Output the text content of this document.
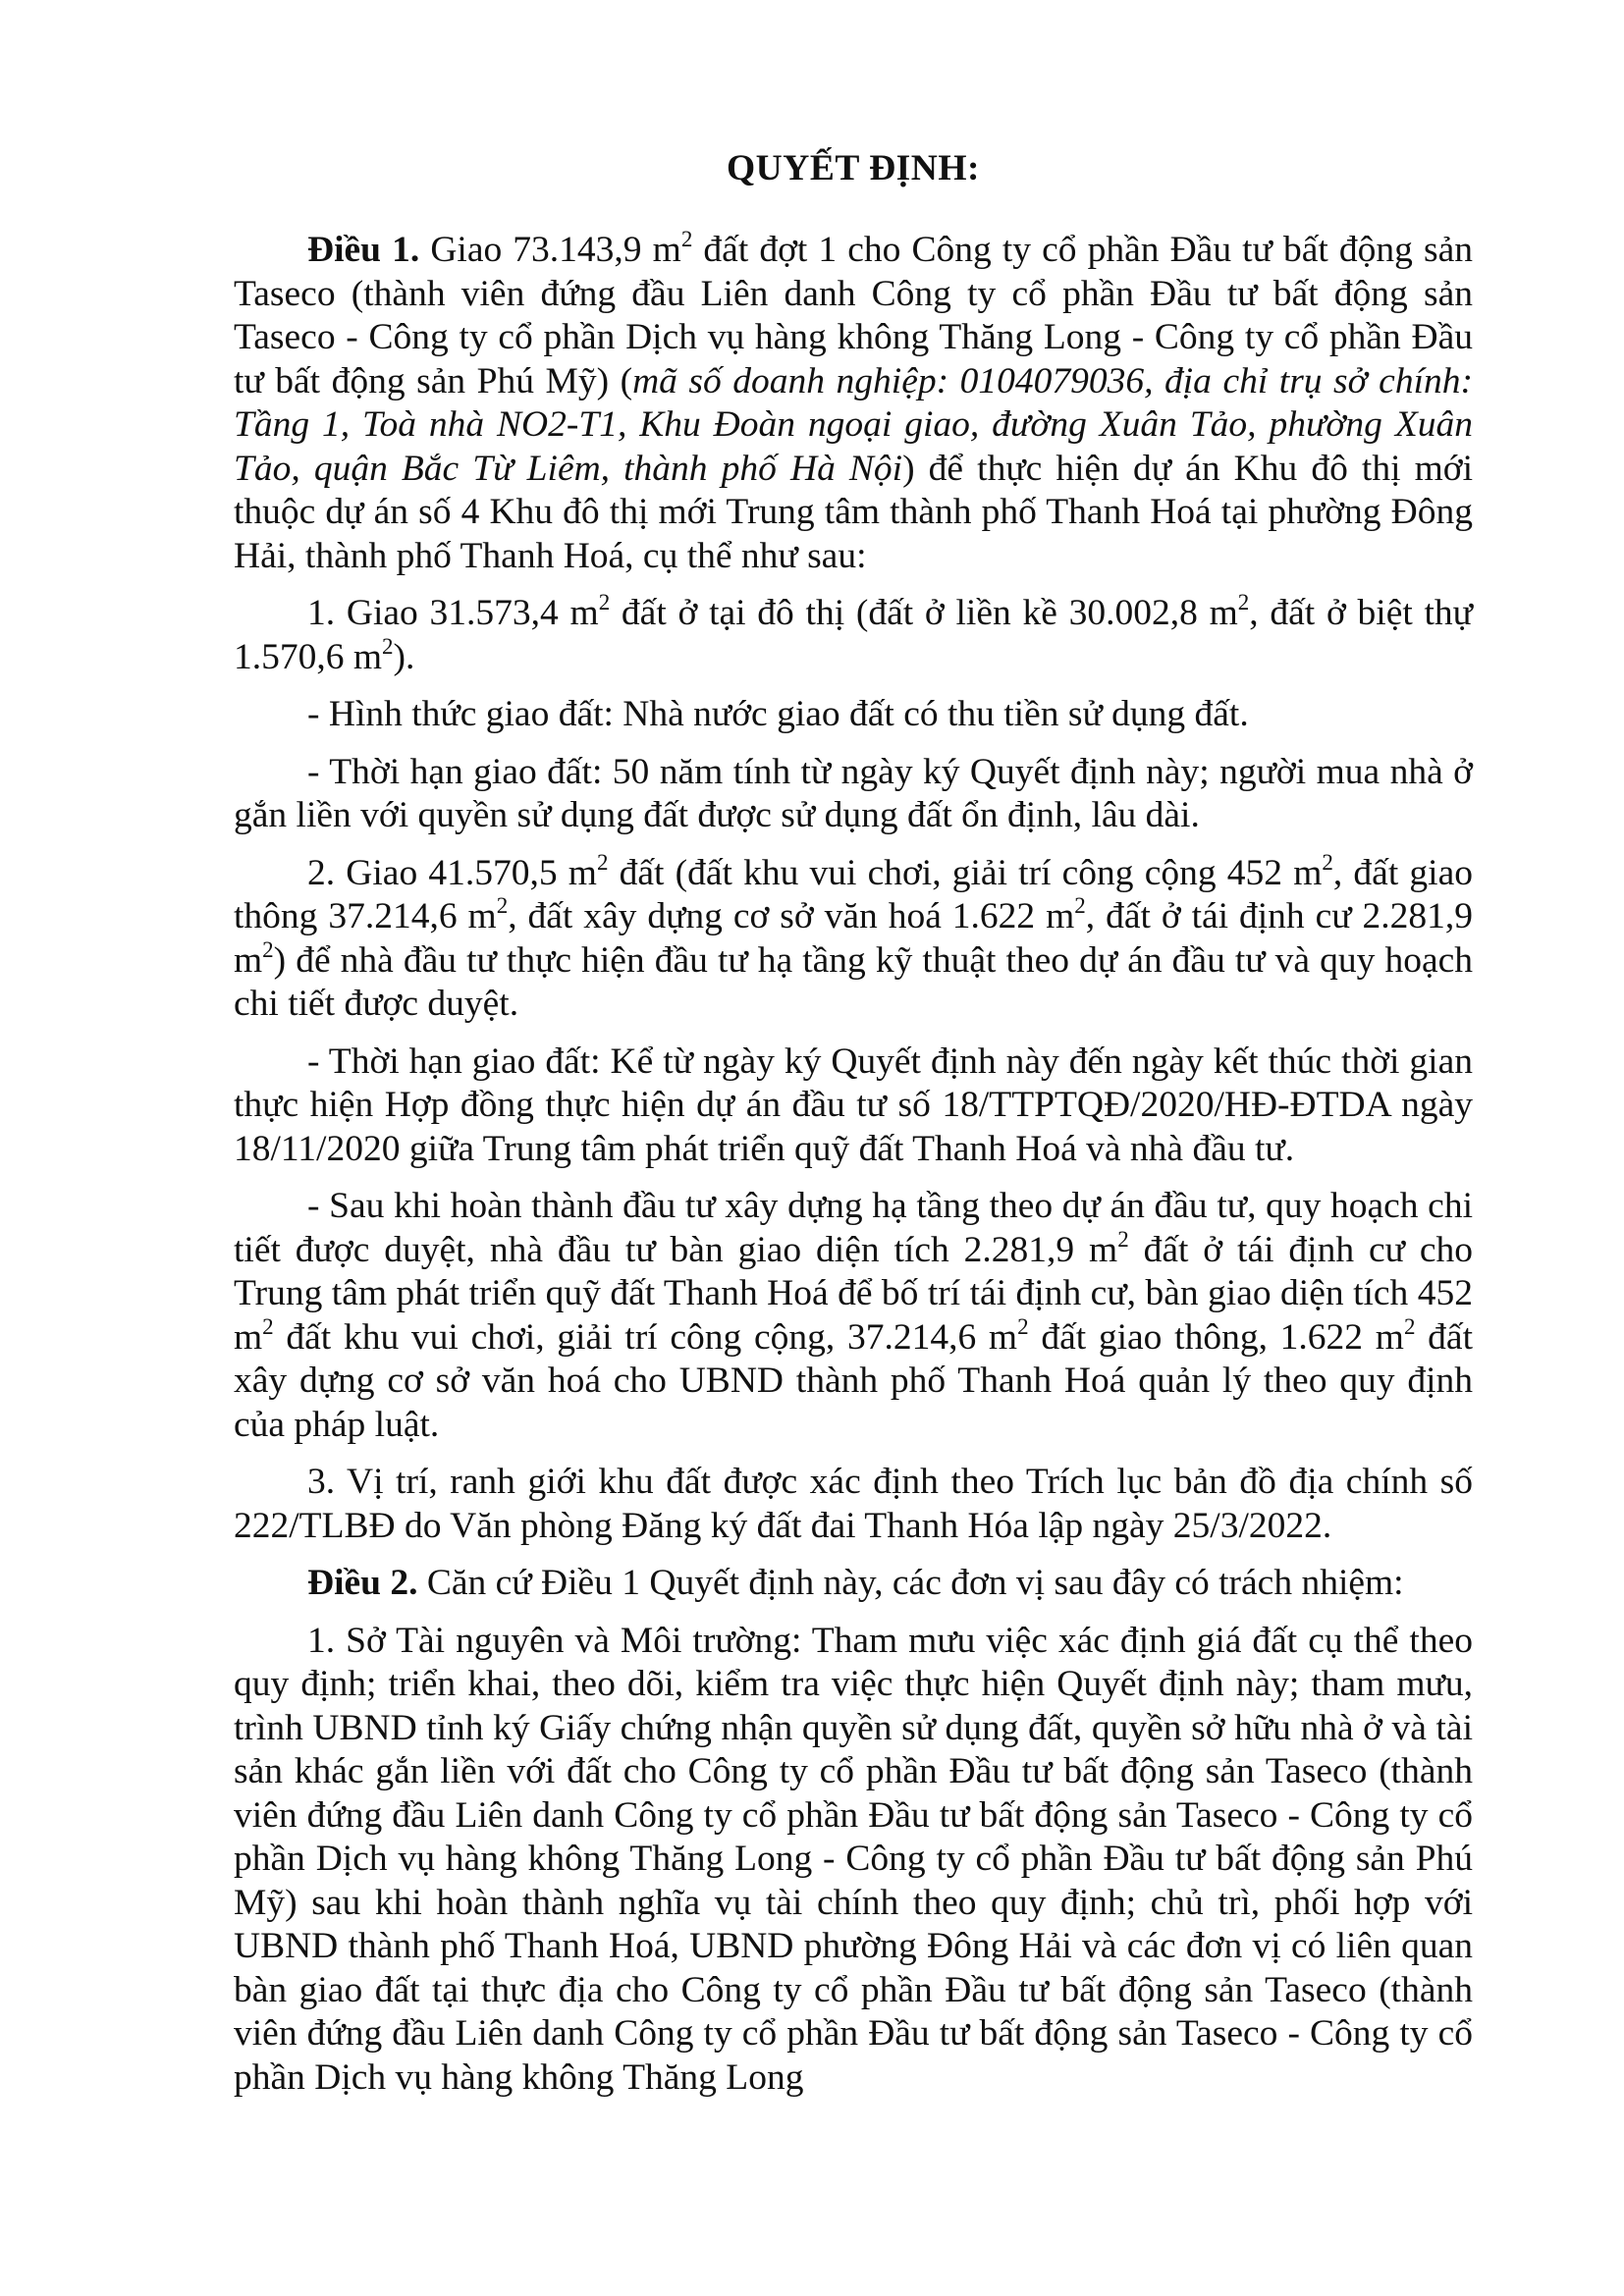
QUYẾT ĐỊNH:

Điều 1. Giao 73.143,9 $m^2$ đất đợt 1 cho Công ty cổ phần Đầu tư bất động sản Taseco (thành viên đứng đầu Liên danh Công ty cổ phần Đầu tư bất động sản Taseco - Công ty cổ phần Dịch vụ hàng không Thăng Long - Công ty cổ phần Đầu tư bất động sản Phú Mỹ) (mã số doanh nghiệp: 0104079036, địa chỉ trụ sở chính: Tầng 1, Toà nhà NO2-T1, Khu Đoàn ngoại giao, đường Xuân Tảo, phường Xuân Tảo, quận Bắc Từ Liêm, thành phố Hà Nội) để thực hiện dự án Khu đô thị mới thuộc dự án số 4 Khu đô thị mới Trung tâm thành phố Thanh Hoá tại phường Đông Hải, thành phố Thanh Hoá, cụ thể như sau:

1. Giao 31.573,4 $m^2$ đất ở tại đô thị (đất ở liền kề 30.002,8 $m^2$, đất ở biệt thự 1.570,6 $m^2$).

- Hình thức giao đất: Nhà nước giao đất có thu tiền sử dụng đất.

- Thời hạn giao đất: 50 năm tính từ ngày ký Quyết định này; người mua nhà ở gắn liền với quyền sử dụng đất được sử dụng đất ổn định, lâu dài.

2. Giao 41.570,5 $m^2$ đất (đất khu vui chơi, giải trí công cộng 452 $m^2$, đất giao thông 37.214,6 $m^2$, đất xây dựng cơ sở văn hoá 1.622 $m^2$, đất ở tái định cư 2.281,9 $m^2$) để nhà đầu tư thực hiện đầu tư hạ tầng kỹ thuật theo dự án đầu tư và quy hoạch chi tiết được duyệt.

- Thời hạn giao đất: Kể từ ngày ký Quyết định này đến ngày kết thúc thời gian thực hiện Hợp đồng thực hiện dự án đầu tư số 18/TTPTQĐ/2020/HĐ-ĐTDA ngày 18/11/2020 giữa Trung tâm phát triển quỹ đất Thanh Hoá và nhà đầu tư.

- Sau khi hoàn thành đầu tư xây dựng hạ tầng theo dự án đầu tư, quy hoạch chi tiết được duyệt, nhà đầu tư bàn giao diện tích 2.281,9 $m^2$ đất ở tái định cư cho Trung tâm phát triển quỹ đất Thanh Hoá để bố trí tái định cư, bàn giao diện tích 452 $m^2$ đất khu vui chơi, giải trí công cộng, 37.214,6 $m^2$ đất giao thông, 1.622 $m^2$ đất xây dựng cơ sở văn hoá cho UBND thành phố Thanh Hoá quản lý theo quy định của pháp luật.

3. Vị trí, ranh giới khu đất được xác định theo Trích lục bản đồ địa chính số 222/TLBĐ do Văn phòng Đăng ký đất đai Thanh Hóa lập ngày 25/3/2022.

Điều 2. Căn cứ Điều 1 Quyết định này, các đơn vị sau đây có trách nhiệm:

1. Sở Tài nguyên và Môi trường: Tham mưu việc xác định giá đất cụ thể theo quy định; triển khai, theo dõi, kiểm tra việc thực hiện Quyết định này; tham mưu, trình UBND tỉnh ký Giấy chứng nhận quyền sử dụng đất, quyền sở hữu nhà ở và tài sản khác gắn liền với đất cho Công ty cổ phần Đầu tư bất động sản Taseco (thành viên đứng đầu Liên danh Công ty cổ phần Đầu tư bất động sản Taseco - Công ty cổ phần Dịch vụ hàng không Thăng Long - Công ty cổ phần Đầu tư bất động sản Phú Mỹ) sau khi hoàn thành nghĩa vụ tài chính theo quy định; chủ trì, phối hợp với UBND thành phố Thanh Hoá, UBND phường Đông Hải và các đơn vị có liên quan bàn giao đất tại thực địa cho Công ty cổ phần Đầu tư bất động sản Taseco (thành viên đứng đầu Liên danh Công ty cổ phần Đầu tư bất động sản Taseco - Công ty cổ phần Dịch vụ hàng không Thăng Long
